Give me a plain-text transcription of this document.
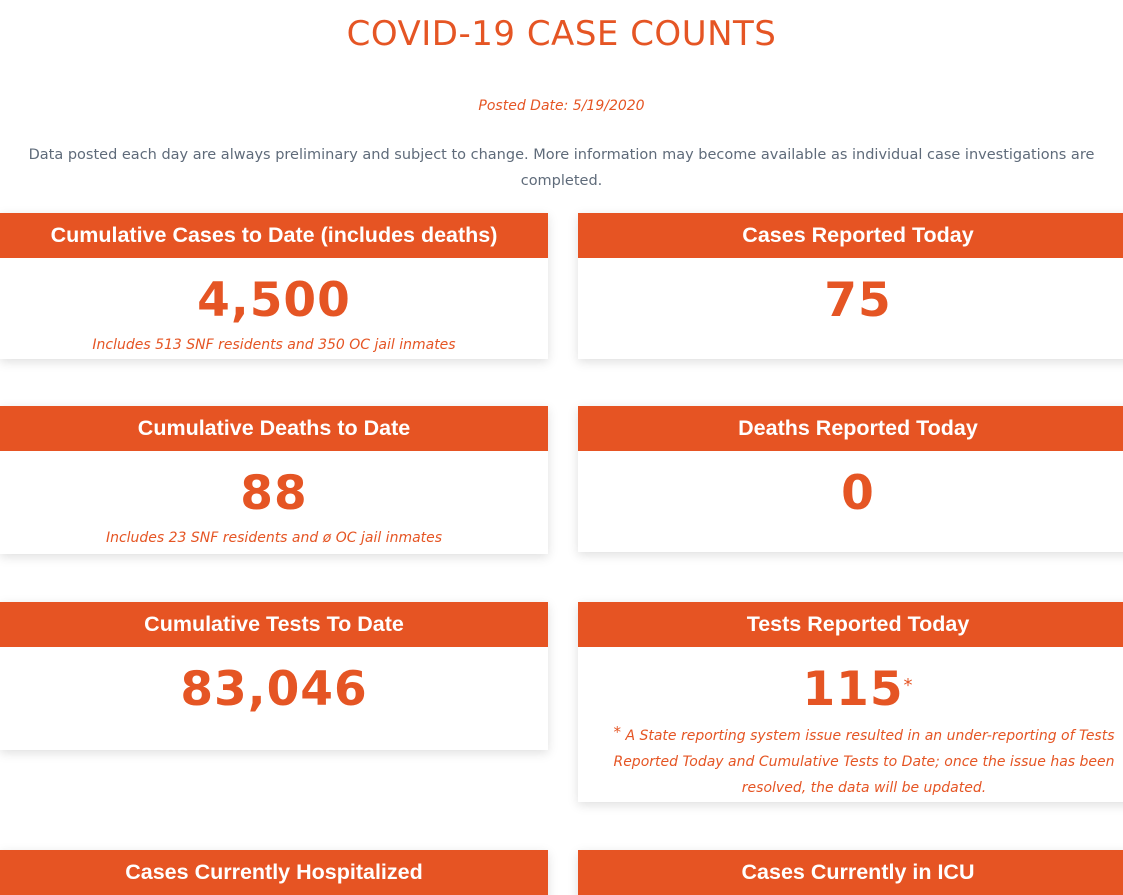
COVID-19 CASE COUNTS
Posted Date: 5/19/2020

Data posted each day are always preliminary and subject to change. More information may become available as individual case investigations are completed.

Cumulative Cases to Date (includes deaths)
4,500
Includes 513 SNF residents and 350 OC jail inmates
Cases Reported Today
75
Cumulative Deaths to Date
88
Includes 23 SNF residents and ø OC jail inmates
Deaths Reported Today
0
Cumulative Tests To Date
83,046
Tests Reported Today
115*
* A State reporting system issue resulted in an under-reporting of Tests Reported Today and Cumulative Tests to Date; once the issue has been resolved, the data will be updated.
Cases Currently Hospitalized	Cases Currently in ICU
